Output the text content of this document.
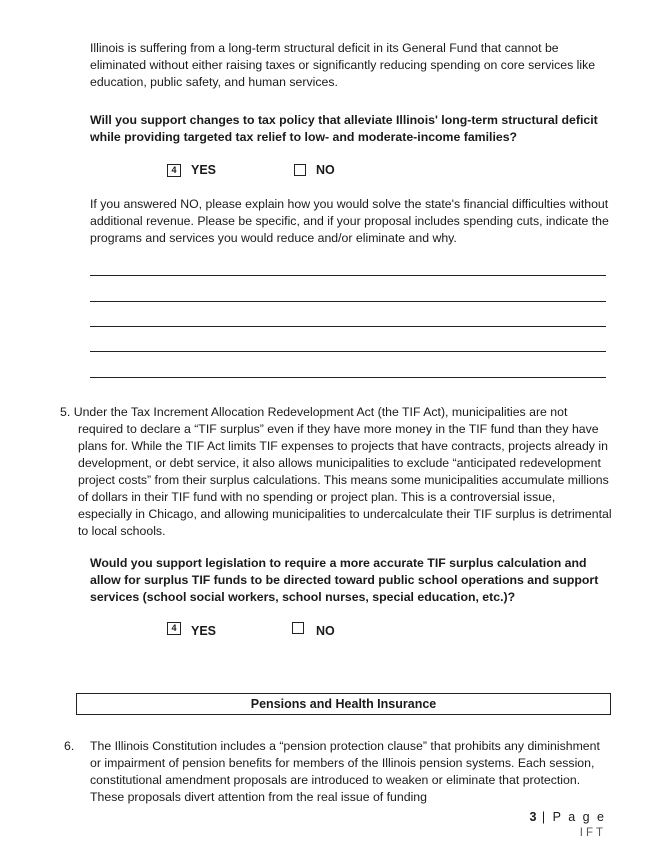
Illinois is suffering from a long-term structural deficit in its General Fund that cannot be eliminated without either raising taxes or significantly reducing spending on core services like education, public safety, and human services.

Will you support changes to tax policy that alleviate Illinois' long-term structural deficit while providing targeted tax relief to low- and moderate-income families?

4	YES	NO

If you answered NO, please explain how you would solve the state's financial difficulties without additional revenue. Please be specific, and if your proposal includes spending cuts, indicate the programs and services you would reduce and/or eliminate and why.

5. Under the Tax Increment Allocation Redevelopment Act (the TIF Act), municipalities are not required to declare a “TIF surplus” even if they have more money in the TIF fund than they have plans for. While the TIF Act limits TIF expenses to projects that have contracts, projects already in development, or debt service, it also allows municipalities to exclude “anticipated redevelopment project costs” from their surplus calculations. This means some municipalities accumulate millions of dollars in their TIF fund with no spending or project plan. This is a controversial issue, especially in Chicago, and allowing municipalities to undercalculate their TIF surplus is detrimental to local schools.

Would you support legislation to require a more accurate TIF surplus calculation and allow for surplus TIF funds to be directed toward public school operations and support services (school social workers, school nurses, special education, etc.)?

4	YES	NO
Pensions and Health Insurance

6. The Illinois Constitution includes a “pension protection clause” that prohibits any diminishment or impairment of pension benefits for members of the Illinois pension systems. Each session, constitutional amendment proposals are introduced to weaken or eliminate that protection. These proposals divert attention from the real issue of funding

3 | P a g e
IFT
